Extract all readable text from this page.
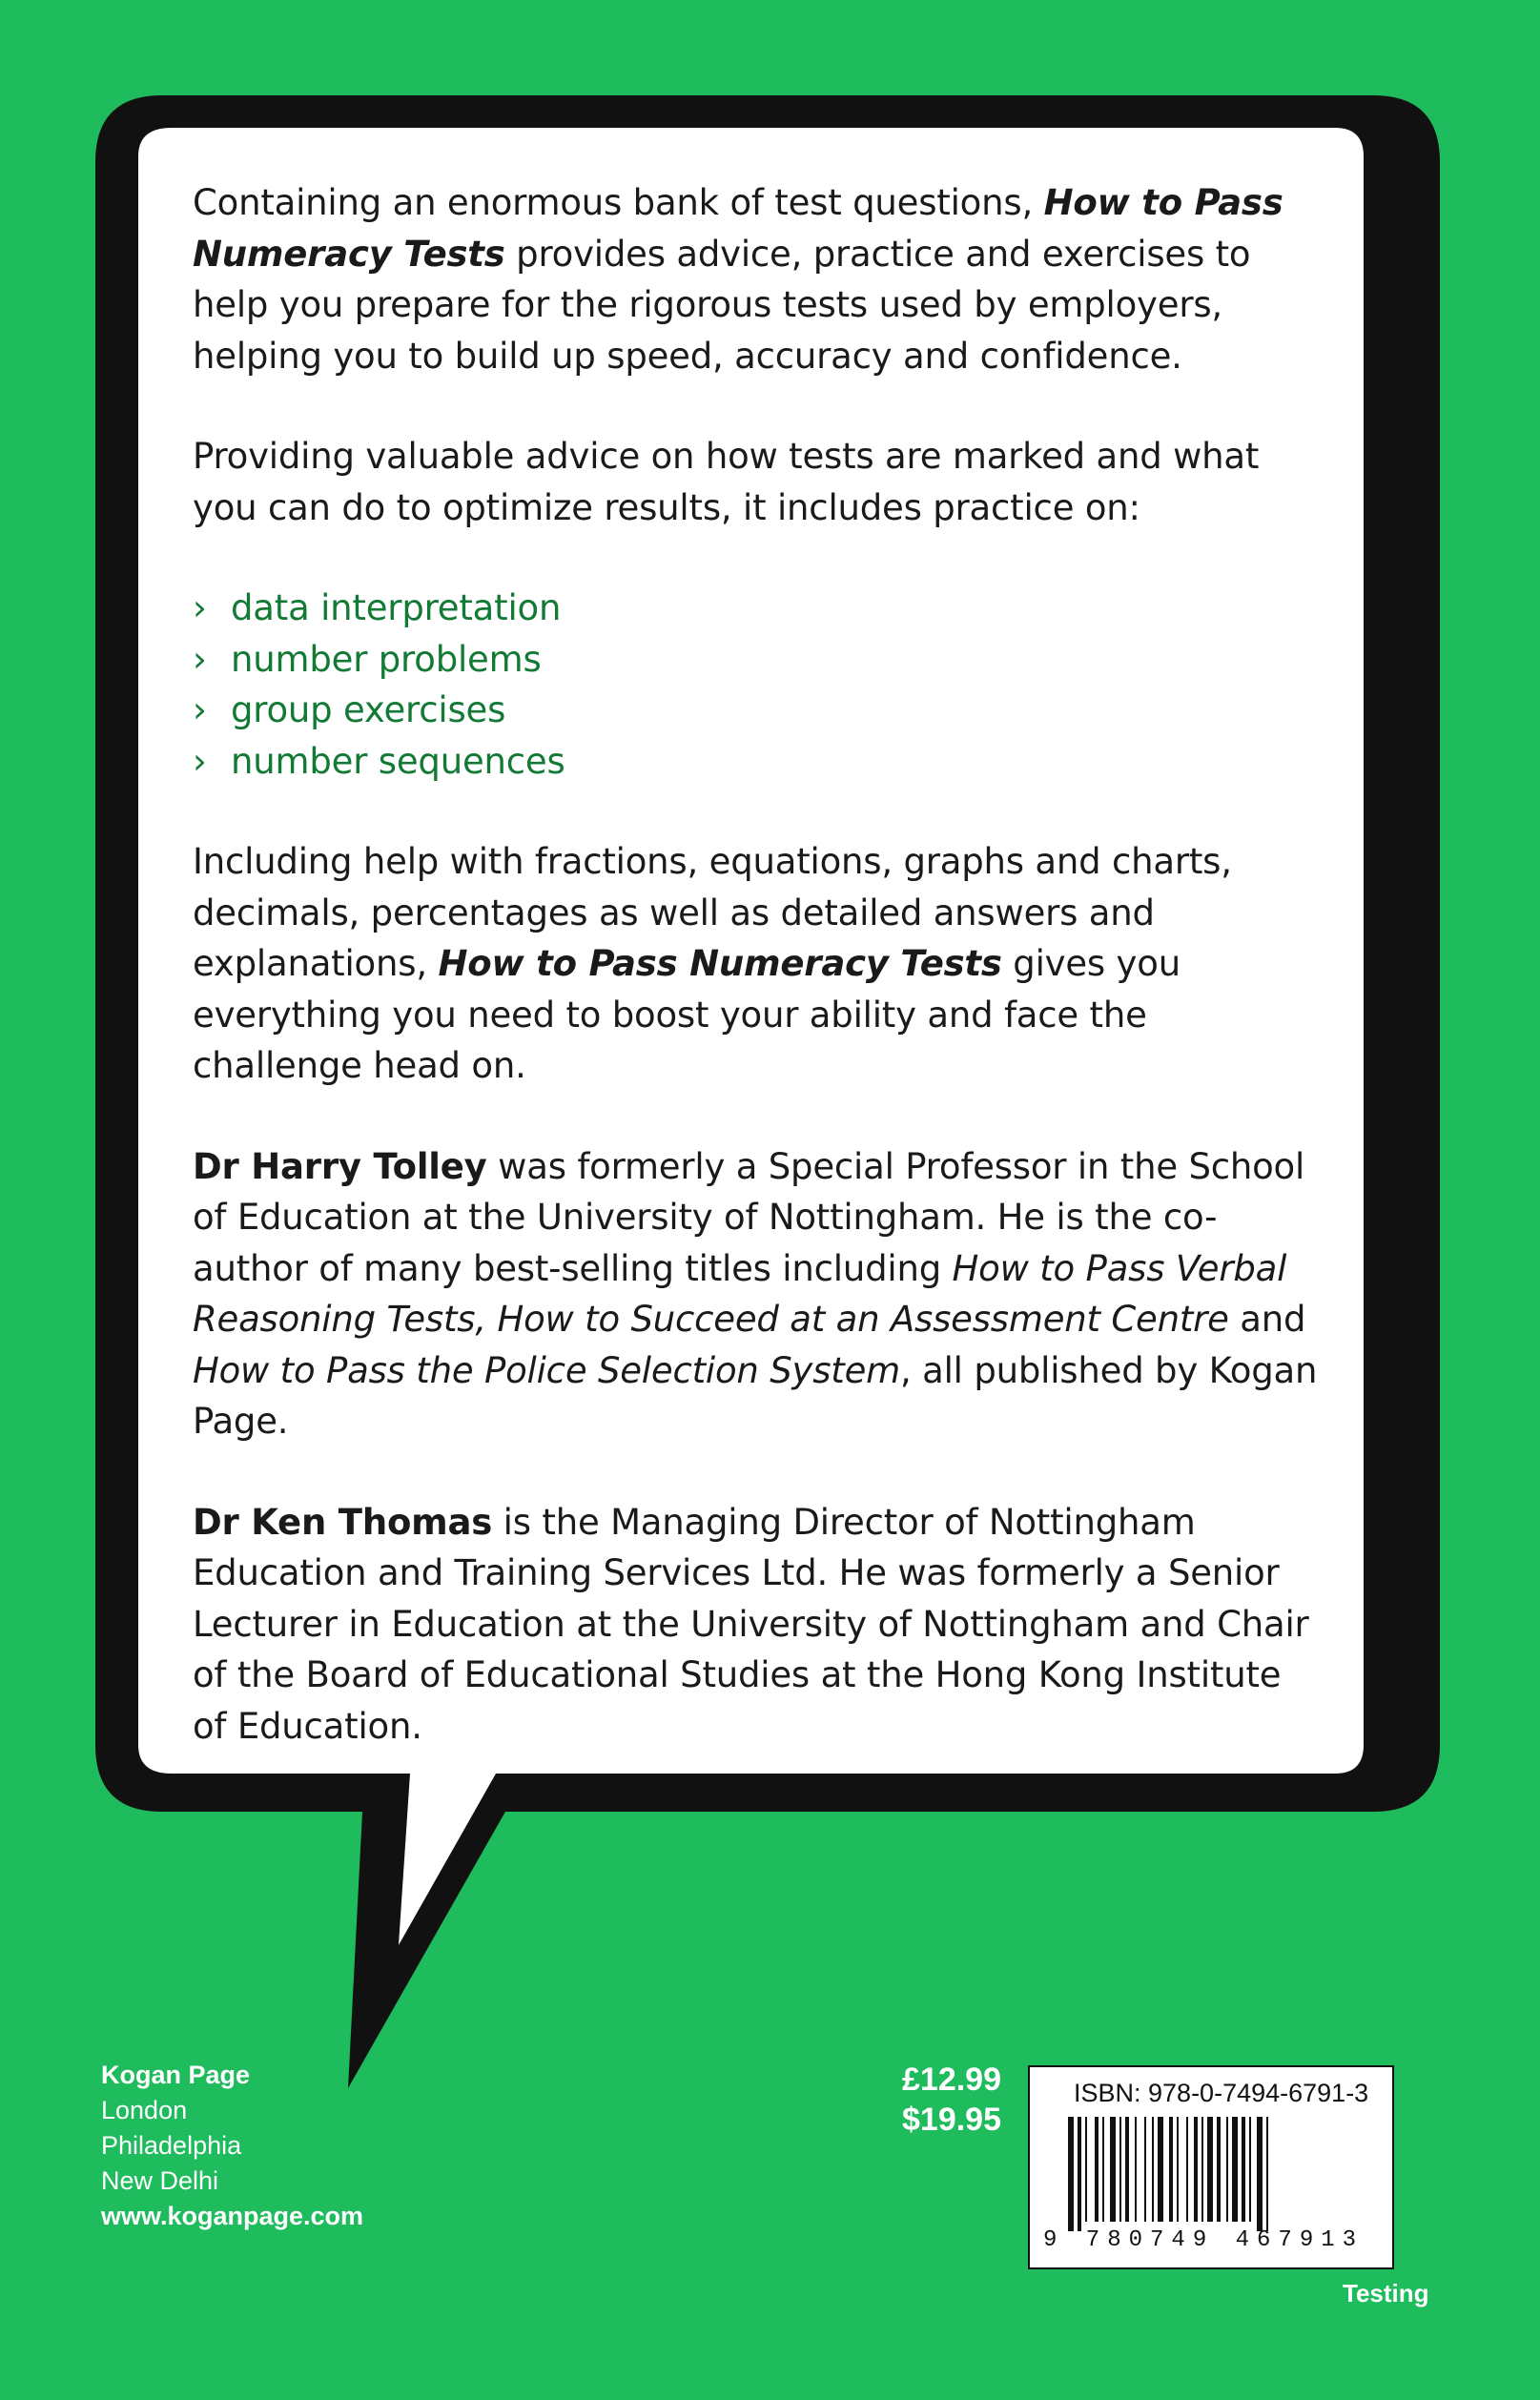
Containing an enormous bank of test questions, How to Pass Numeracy Tests provides advice, practice and exercises to help you prepare for the rigorous tests used by employers, helping you to build up speed, accuracy and confidence.

Providing valuable advice on how tests are marked and what you can do to optimize results, it includes practice on:

› data interpretation
› number problems
› group exercises
› number sequences

Including help with fractions, equations, graphs and charts, decimals, percentages as well as detailed answers and explanations, How to Pass Numeracy Tests gives you everything you need to boost your ability and face the challenge head on.

Dr Harry Tolley was formerly a Special Professor in the School of Education at the University of Nottingham. He is the co-author of many best-selling titles including How to Pass Verbal Reasoning Tests, How to Succeed at an Assessment Centre and How to Pass the Police Selection System, all published by Kogan Page.

Dr Ken Thomas is the Managing Director of Nottingham Education and Training Services Ltd. He was formerly a Senior Lecturer in Education at the University of Nottingham and Chair of the Board of Educational Studies at the Hong Kong Institute of Education.

Kogan Page
London
Philadelphia
New Delhi
www.koganpage.com
£12.99
$19.95
ISBN: 978-0-7494-6791-3
9 780749 467913
Testing
